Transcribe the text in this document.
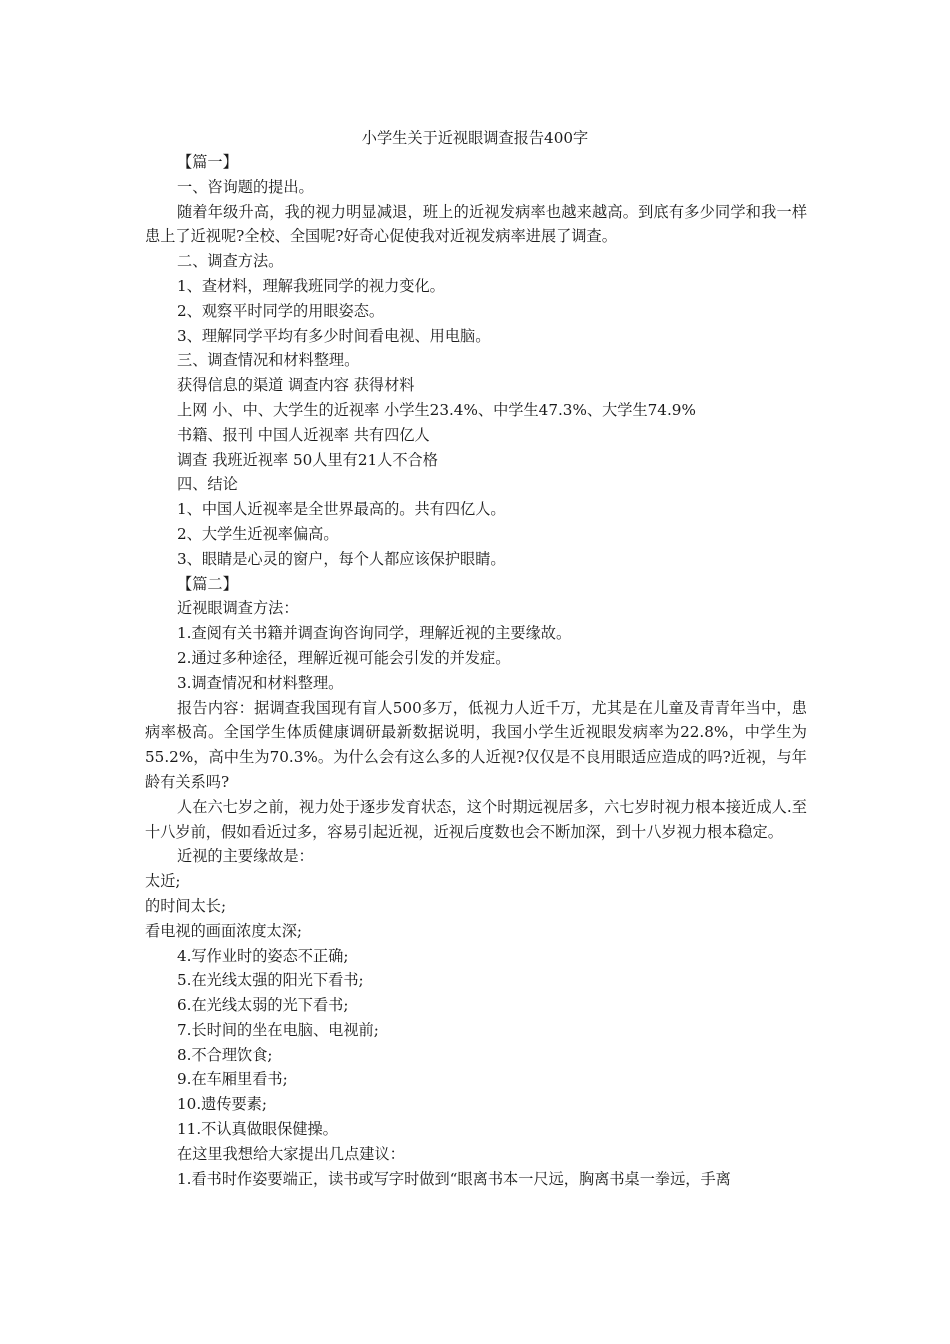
小学生关于近视眼调查报告400字

【篇一】

一、咨询题的提出。

随着年级升高，我的视力明显减退，班上的近视发病率也越来越高。到底有多少同学和我一样患上了近视呢?全校、全国呢?好奇心促使我对近视发病率进展了调查。

二、调查方法。

1、查材料，理解我班同学的视力变化。

2、观察平时同学的用眼姿态。

3、理解同学平均有多少时间看电视、用电脑。

三、调查情况和材料整理。

获得信息的渠道 调查内容 获得材料

上网 小、中、大学生的近视率 小学生23.4%、中学生47.3%、大学生74.9%

书籍、报刊 中国人近视率 共有四亿人

调查 我班近视率 50人里有21人不合格

四、结论

1、中国人近视率是全世界最高的。共有四亿人。

2、大学生近视率偏高。

3、眼睛是心灵的窗户，每个人都应该保护眼睛。

【篇二】

近视眼调查方法：

1.查阅有关书籍并调查询咨询同学，理解近视的主要缘故。

2.通过多种途径，理解近视可能会引发的并发症。

3.调查情况和材料整理。

报告内容：据调查我国现有盲人500多万，低视力人近千万，尤其是在儿童及青青年当中，患病率极高。全国学生体质健康调研最新数据说明，我国小学生近视眼发病率为22.8%，中学生为55.2%，高中生为70.3%。为什么会有这么多的人近视?仅仅是不良用眼适应造成的吗?近视，与年龄有关系吗?

人在六七岁之前，视力处于逐步发育状态，这个时期远视居多，六七岁时视力根本接近成人.至十八岁前，假如看近过多，容易引起近视，近视后度数也会不断加深，到十八岁视力根本稳定。

近视的主要缘故是：

太近;

的时间太长;

看电视的画面浓度太深;

4.写作业时的姿态不正确;

5.在光线太强的阳光下看书;

6.在光线太弱的光下看书;

7.长时间的坐在电脑、电视前;

8.不合理饮食;

9.在车厢里看书;

10.遗传要素;

11.不认真做眼保健操。

在这里我想给大家提出几点建议：

1.看书时作姿要端正，读书或写字时做到“眼离书本一尺远，胸离书桌一拳远，手离
